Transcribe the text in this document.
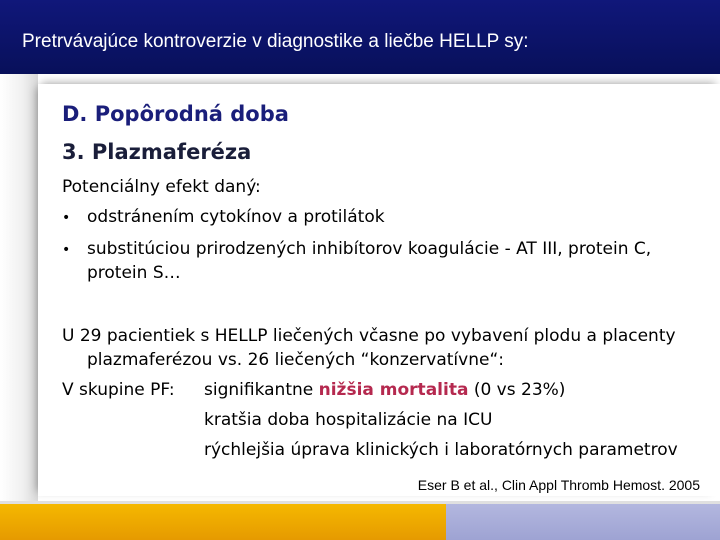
Pretrvávajúce kontroverzie v diagnostike a liečbe HELLP sy:
D. Popôrodná doba
3. Plazmaferéza
Potenciálny efekt daný:
• odstránením cytokínov a protilátok
• substitúciou prirodzených inhibítorov koagulácie - AT III, protein C,
protein S…
U 29 pacientiek s HELLP liečených včasne po vybavení plodu a placenty
plazmaferézou vs. 26 liečených “konzervatívne“:
V skupine PF: signifikantne nižšia mortalita (0 vs 23%)
kratšia doba hospitalizácie na ICU
rýchlejšia úprava klinických i laboratórnych parametrov
Eser B et al., Clin Appl Thromb Hemost. 2005
